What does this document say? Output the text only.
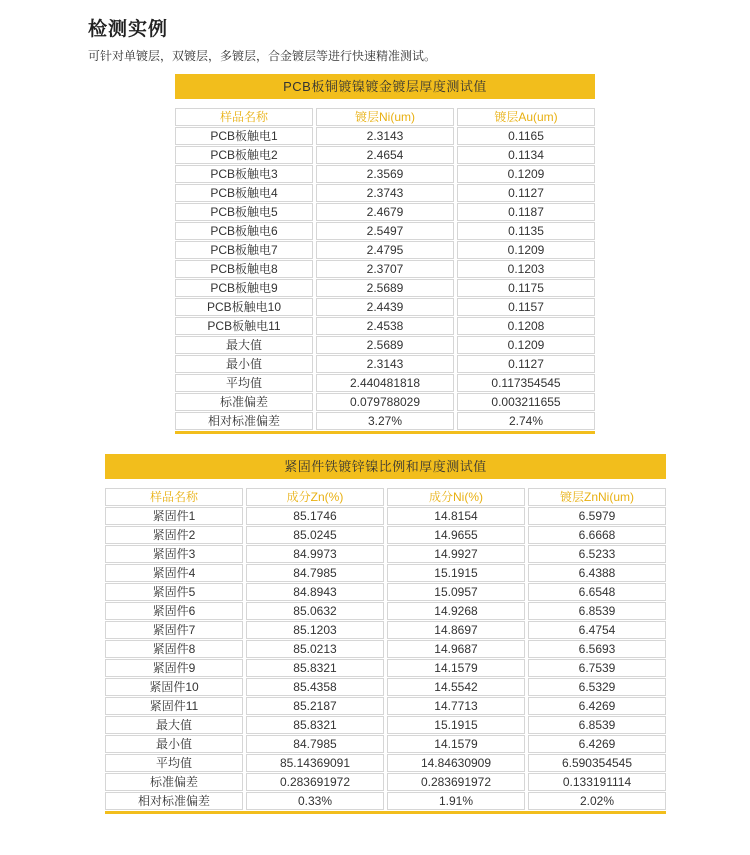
检测实例
可针对单镀层，双镀层，多镀层，合金镀层等进行快速精准测试。
PCB板铜镀镍镀金镀层厚度测试值
样品名称	镀层Ni(um)	镀层Au(um)
PCB板触电1	2.3143	0.1165
PCB板触电2	2.4654	0.1134
PCB板触电3	2.3569	0.1209
PCB板触电4	2.3743	0.1127
PCB板触电5	2.4679	0.1187
PCB板触电6	2.5497	0.1135
PCB板触电7	2.4795	0.1209
PCB板触电8	2.3707	0.1203
PCB板触电9	2.5689	0.1175
PCB板触电10	2.4439	0.1157
PCB板触电11	2.4538	0.1208
最大值	2.5689	0.1209
最小值	2.3143	0.1127
平均值	2.440481818	0.117354545
标准偏差	0.079788029	0.003211655
相对标准偏差	3.27%	2.74%
紧固件铁镀锌镍比例和厚度测试值
样品名称	成分Zn(%)	成分Ni(%)	镀层ZnNi(um)
紧固件1	85.1746	14.8154	6.5979
紧固件2	85.0245	14.9655	6.6668
紧固件3	84.9973	14.9927	6.5233
紧固件4	84.7985	15.1915	6.4388
紧固件5	84.8943	15.0957	6.6548
紧固件6	85.0632	14.9268	6.8539
紧固件7	85.1203	14.8697	6.4754
紧固件8	85.0213	14.9687	6.5693
紧固件9	85.8321	14.1579	6.7539
紧固件10	85.4358	14.5542	6.5329
紧固件11	85.2187	14.7713	6.4269
最大值	85.8321	15.1915	6.8539
最小值	84.7985	14.1579	6.4269
平均值	85.14369091	14.84630909	6.590354545
标准偏差	0.283691972	0.283691972	0.133191114
相对标准偏差	0.33%	1.91%	2.02%
